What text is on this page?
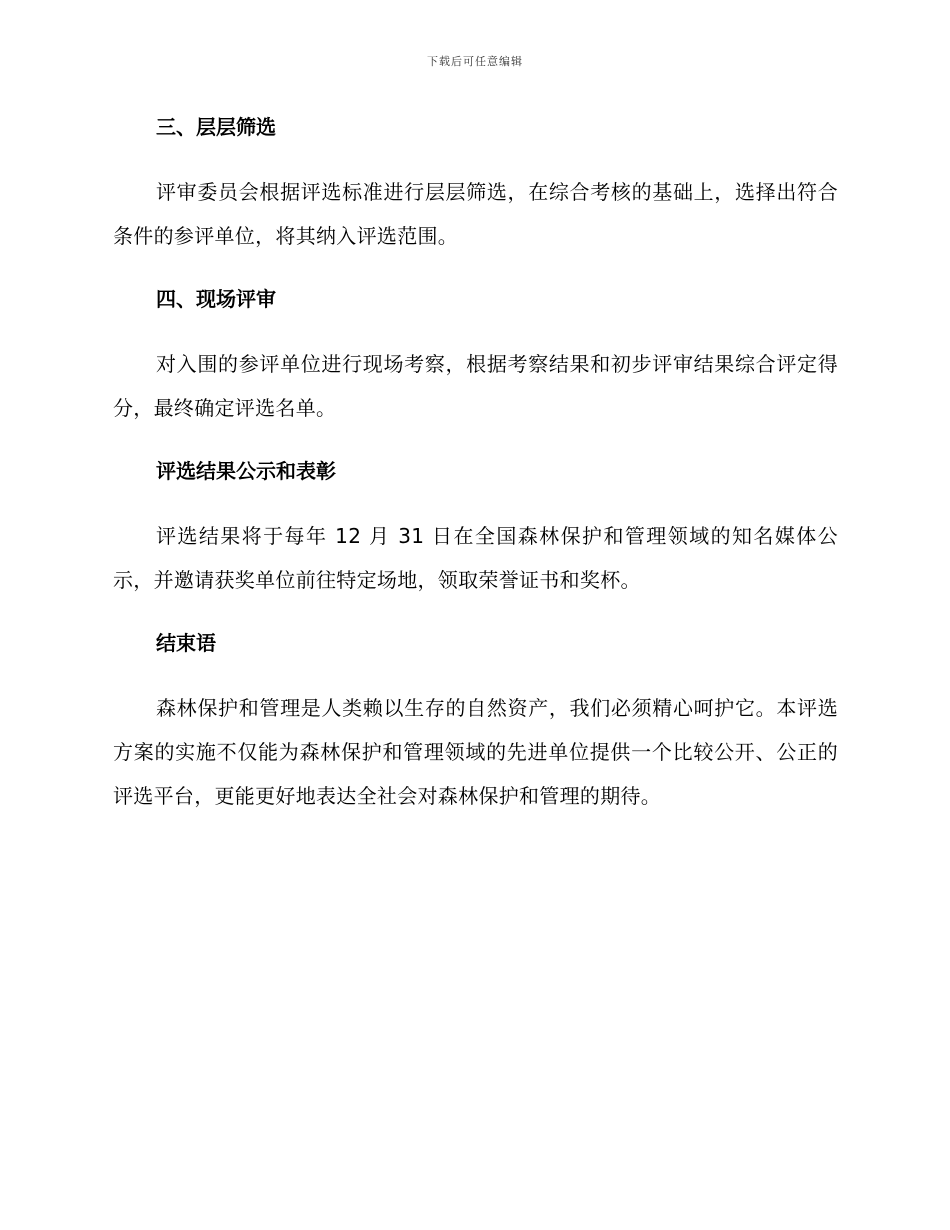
下载后可任意编辑
三、层层筛选

评审委员会根据评选标准进行层层筛选，在综合考核的基础上，选择出符合条件的参评单位，将其纳入评选范围。

四、现场评审

对入围的参评单位进行现场考察，根据考察结果和初步评审结果综合评定得分，最终确定评选名单。

评选结果公示和表彰

评选结果将于每年 12 月 31 日在全国森林保护和管理领域的知名媒体公示，并邀请获奖单位前往特定场地，领取荣誉证书和奖杯。

结束语

森林保护和管理是人类赖以生存的自然资产，我们必须精心呵护它。本评选方案的实施不仅能为森林保护和管理领域的先进单位提供一个比较公开、公正的评选平台，更能更好地表达全社会对森林保护和管理的期待。
